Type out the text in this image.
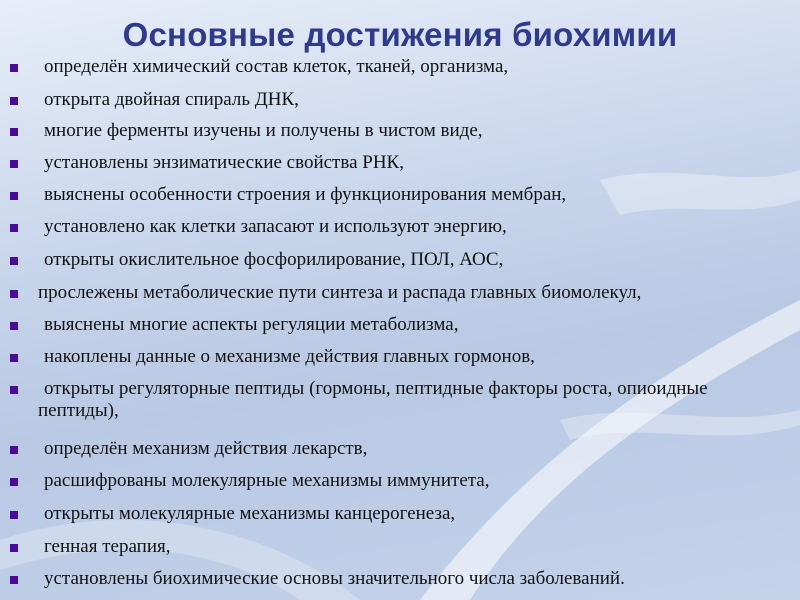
Основные достижения биохимии
определён химический состав клеток, тканей, организма,
открыта двойная спираль ДНК,
многие ферменты изучены и получены в чистом виде,
установлены энзиматические свойства РНК,
выяснены особенности строения и функционирования мембран,
установлено как клетки запасают и используют энергию,
открыты окислительное фосфорилирование, ПОЛ, АОС,
прослежены метаболические пути синтеза и распада главных биомолекул,
выяснены многие аспекты регуляции метаболизма,
накоплены данные о механизме действия главных гормонов,
открыты регуляторные пептиды (гормоны, пептидные факторы роста, опиоидные пептиды),
определён механизм действия лекарств,
расшифрованы молекулярные механизмы иммунитета,
открыты молекулярные механизмы канцерогенеза,
генная терапия,
установлены биохимические основы значительного числа заболеваний.
